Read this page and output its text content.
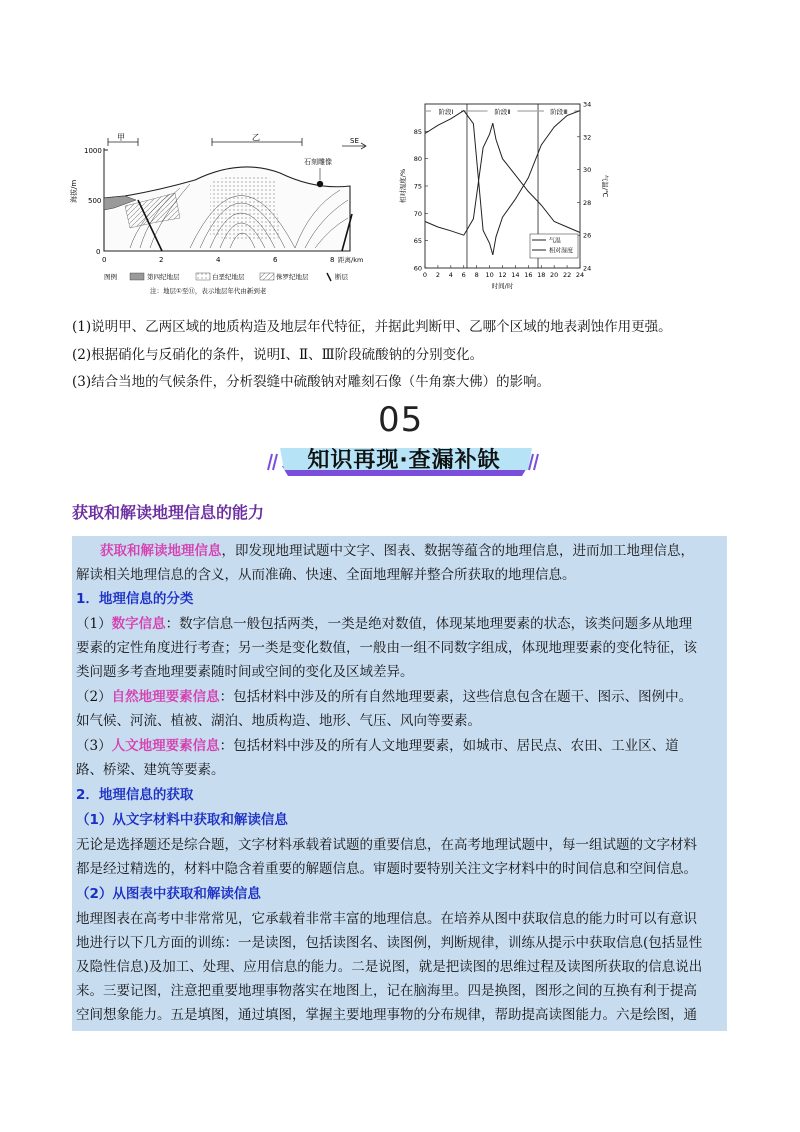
海拔/m
1000
500
0
0	2	4	6	8 距离/km
甲	乙	SE
石刻雕像
图例	第四纪地层	白垩纪地层	侏罗纪地层	断层
注：地层①至⑪，表示地层年代由新到老
阶段Ⅰ	阶段Ⅱ	阶段Ⅲ
0 2 4 6 8 10 12 14 16 18 20 22 24
60
65
70
75
80
85
24
26
28
30
32
34
相对湿度/%	气温/℃
时间/时
气温
相对湿度
(1)说明甲、乙两区域的地质构造及地层年代特征，并据此判断甲、乙哪个区域的地表剥蚀作用更强。
(2)根据硝化与反硝化的条件，说明Ⅰ、Ⅱ、Ⅲ阶段硫酸钠的分别变化。
(3)结合当地的气候条件，分析裂缝中硫酸钠对雕刻石像（牛角寨大佛）的影响。
05
知识再现·查漏补缺
获取和解读地理信息的能力
获取和解读地理信息，即发现地理试题中文字、图表、数据等蕴含的地理信息，进而加工地理信息，
解读相关地理信息的含义，从而准确、快速、全面地理解并整合所获取的地理信息。
1．地理信息的分类
（1）数字信息：数字信息一般包括两类，一类是绝对数值，体现某地理要素的状态，该类问题多从地理
要素的定性角度进行考查；另一类是变化数值，一般由一组不同数字组成，体现地理要素的变化特征，该
类问题多考查地理要素随时间或空间的变化及区域差异。
（2）自然地理要素信息：包括材料中涉及的所有自然地理要素，这些信息包含在题干、图示、图例中。
如气候、河流、植被、湖泊、地质构造、地形、气压、风向等要素。
（3）人文地理要素信息：包括材料中涉及的所有人文地理要素，如城市、居民点、农田、工业区、道
路、桥梁、建筑等要素。
2．地理信息的获取
（1）从文字材料中获取和解读信息
无论是选择题还是综合题，文字材料承载着试题的重要信息，在高考地理试题中，每一组试题的文字材料
都是经过精选的，材料中隐含着重要的解题信息。审题时要特别关注文字材料中的时间信息和空间信息。
（2）从图表中获取和解读信息
地理图表在高考中非常常见，它承载着非常丰富的地理信息。在培养从图中获取信息的能力时可以有意识
地进行以下几方面的训练：一是读图，包括读图名、读图例，判断规律，训练从提示中获取信息(包括显性
及隐性信息)及加工、处理、应用信息的能力。二是说图，就是把读图的思维过程及读图所获取的信息说出
来。三要记图，注意把重要地理事物落实在地图上，记在脑海里。四是换图，图形之间的互换有利于提高
空间想象能力。五是填图，通过填图，掌握主要地理事物的分布规律，帮助提高读图能力。六是绘图，通
